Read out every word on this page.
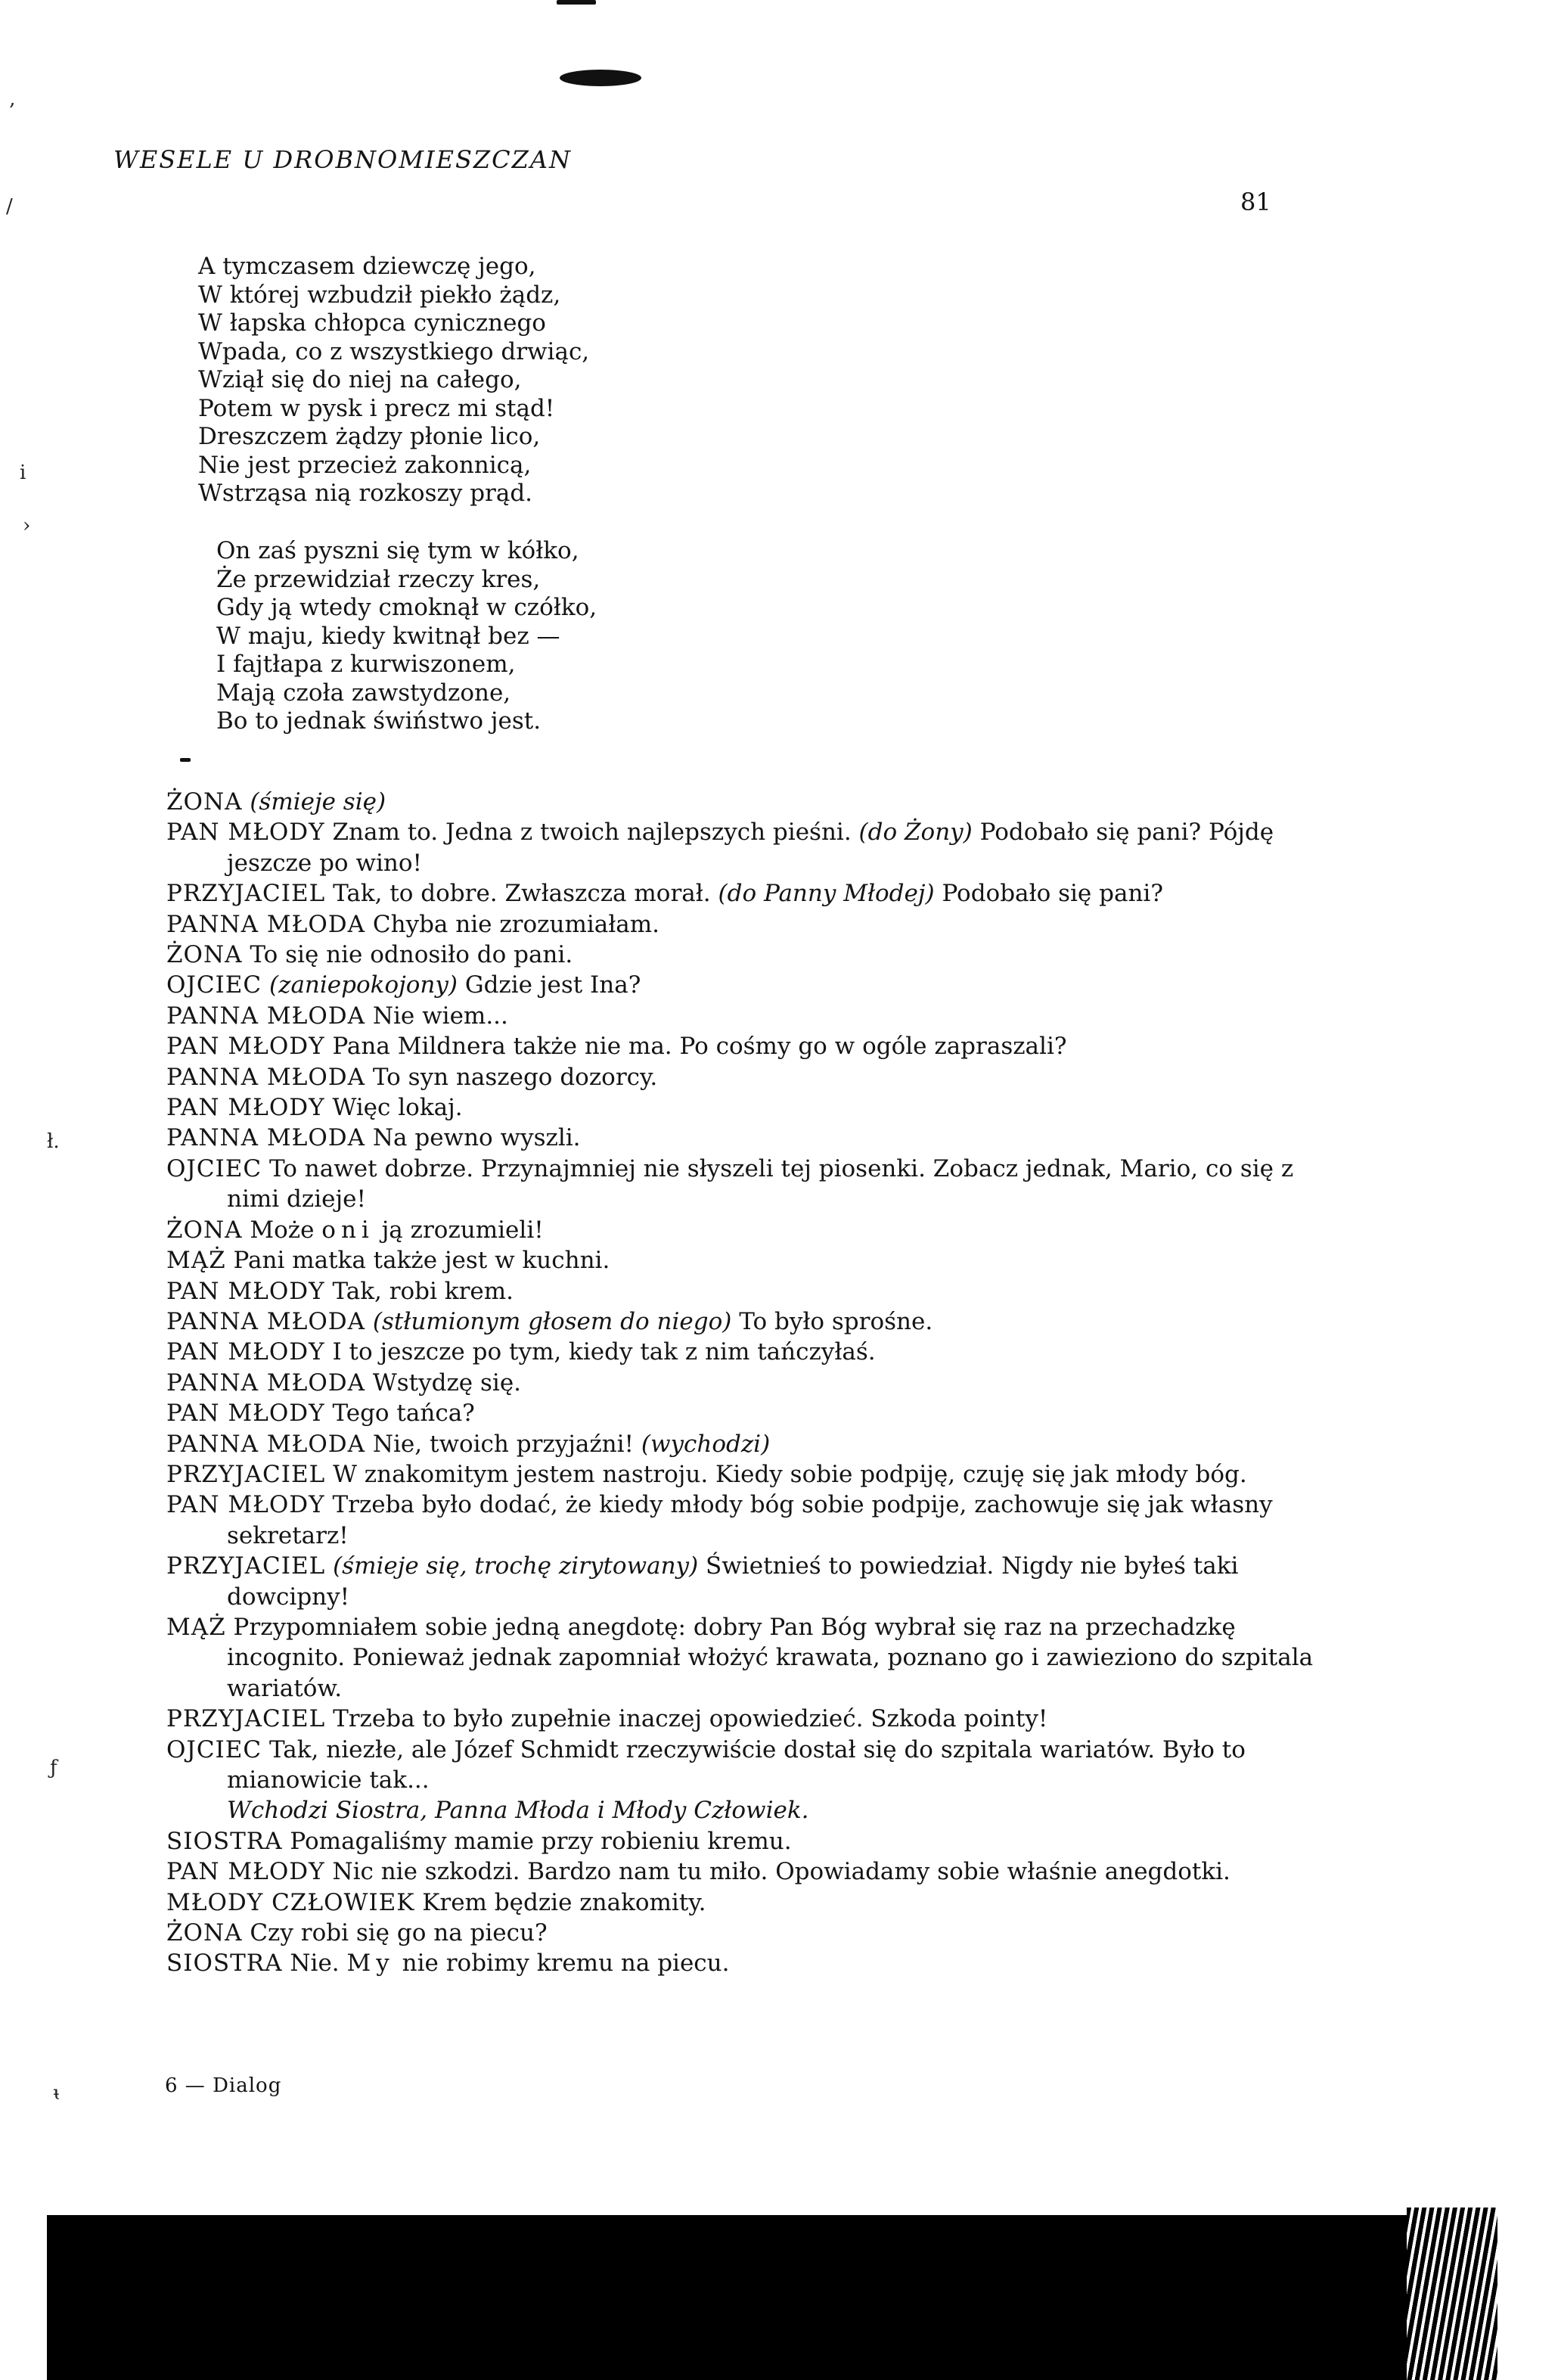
WESELE U DROBNOMIESZCZAN
81
‚
/
i
›
ł.
ƒ
ᵼ
A tymczasem dziewczę jego,
W której wzbudził piekło żądz,
W łapska chłopca cynicznego
Wpada, co z wszystkiego drwiąc,
Wziął się do niej na całego,
Potem w pysk i precz mi stąd!
Dreszczem żądzy płonie lico,
Nie jest przecież zakonnicą,
Wstrząsa nią rozkoszy prąd.
On zaś pyszni się tym w kółko,
Że przewidział rzeczy kres,
Gdy ją wtedy cmoknął w czółko,
W maju, kiedy kwitnął bez —
I fajtłapa z kurwiszonem,
Mają czoła zawstydzone,
Bo to jednak świństwo jest.
ŻONA (śmieje się)
PAN MŁODY Znam to. Jedna z twoich najlepszych pieśni. (do Żony) Podobało się pani? Pójdę jeszcze po wino!
PRZYJACIEL Tak, to dobre. Zwłaszcza morał. (do Panny Młodej) Podobało się pani?
PANNA MŁODA Chyba nie zrozumiałam.
ŻONA To się nie odnosiło do pani.
OJCIEC (zaniepokojony) Gdzie jest Ina?
PANNA MŁODA Nie wiem...
PAN MŁODY Pana Mildnera także nie ma. Po cośmy go w ogóle zapraszali?
PANNA MŁODA To syn naszego dozorcy.
PAN MŁODY Więc lokaj.
PANNA MŁODA Na pewno wyszli.
OJCIEC To nawet dobrze. Przynajmniej nie słyszeli tej piosenki. Zobacz jednak, Mario, co się z nimi dzieje!
ŻONA Może oni ją zrozumieli!
MĄŻ Pani matka także jest w kuchni.
PAN MŁODY Tak, robi krem.
PANNA MŁODA (stłumionym głosem do niego) To było sprośne.
PAN MŁODY I to jeszcze po tym, kiedy tak z nim tańczyłaś.
PANNA MŁODA Wstydzę się.
PAN MŁODY Tego tańca?
PANNA MŁODA Nie, twoich przyjaźni! (wychodzi)
PRZYJACIEL W znakomitym jestem nastroju. Kiedy sobie podpiję, czuję się jak młody bóg.
PAN MŁODY Trzeba było dodać, że kiedy młody bóg sobie podpije, zachowuje się jak własny sekretarz!
PRZYJACIEL (śmieje się, trochę zirytowany) Świetnieś to powiedział. Nigdy nie byłeś taki dowcipny!
MĄŻ Przypomniałem sobie jedną anegdotę: dobry Pan Bóg wybrał się raz na przechadzkę incognito. Ponieważ jednak zapomniał włożyć krawata, poznano go i zawieziono do szpitala wariatów.
PRZYJACIEL Trzeba to było zupełnie inaczej opowiedzieć. Szkoda pointy!
OJCIEC Tak, niezłe, ale Józef Schmidt rzeczywiście dostał się do szpitala wariatów. Było to mianowicie tak...
Wchodzi Siostra, Panna Młoda i Młody Człowiek.
SIOSTRA Pomagaliśmy mamie przy robieniu kremu.
PAN MŁODY Nic nie szkodzi. Bardzo nam tu miło. Opowiadamy sobie właśnie anegdotki.
MŁODY CZŁOWIEK Krem będzie znakomity.
ŻONA Czy robi się go na piecu?
SIOSTRA Nie. My nie robimy kremu na piecu.
6 — Dialog
